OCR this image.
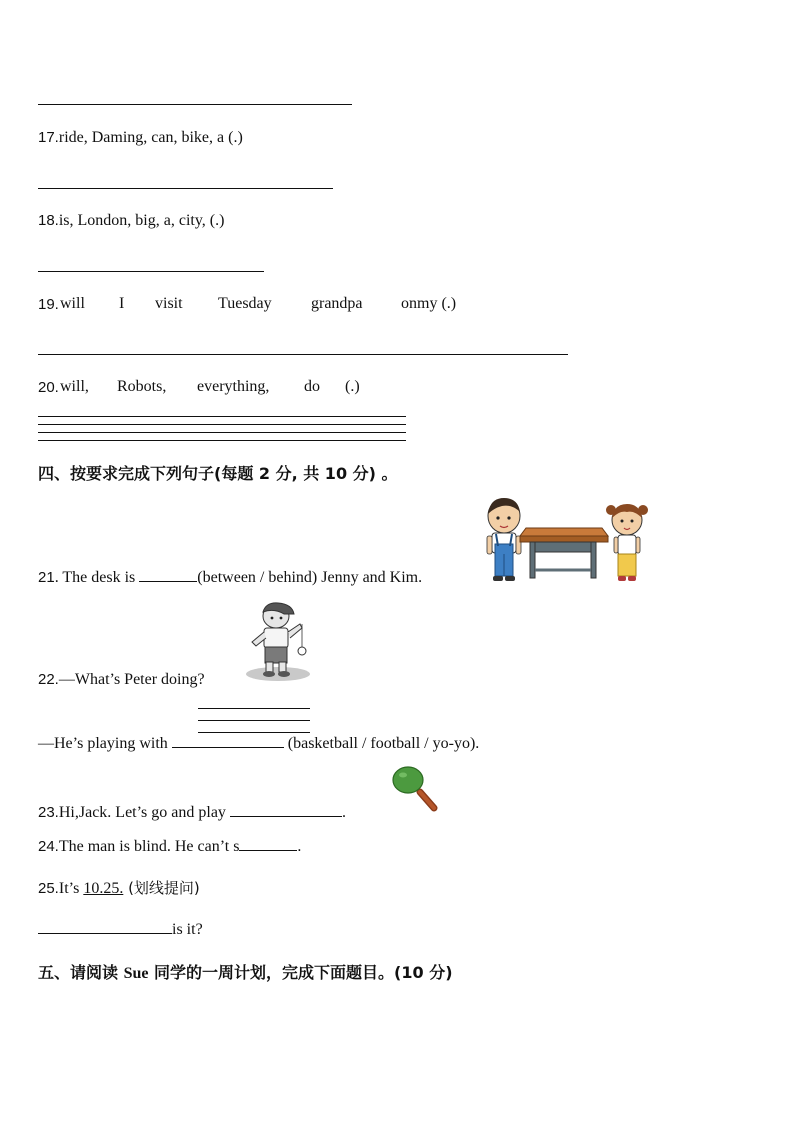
17.ride, Daming, can, bike, a (.)
18.is, London, big, a, city, (.)
19. will I visit Tuesday grandpa onmy (.)
20. will, Robots, everything, do (.)
四、按要求完成下列句子(每题 2 分, 共 10 分) 。
21. The desk is	(between / behind) Jenny and Kim.
22.—What’s Peter doing?
—He’s playing with	(basketball / football / yo-yo).
23.Hi,Jack. Let’s go and play	.
24.The man is blind. He can’t s	.
25.It’s 10.25. (划线提问)
is it?
五、请阅读 Sue 同学的一周计划，完成下面题目。(10 分)
